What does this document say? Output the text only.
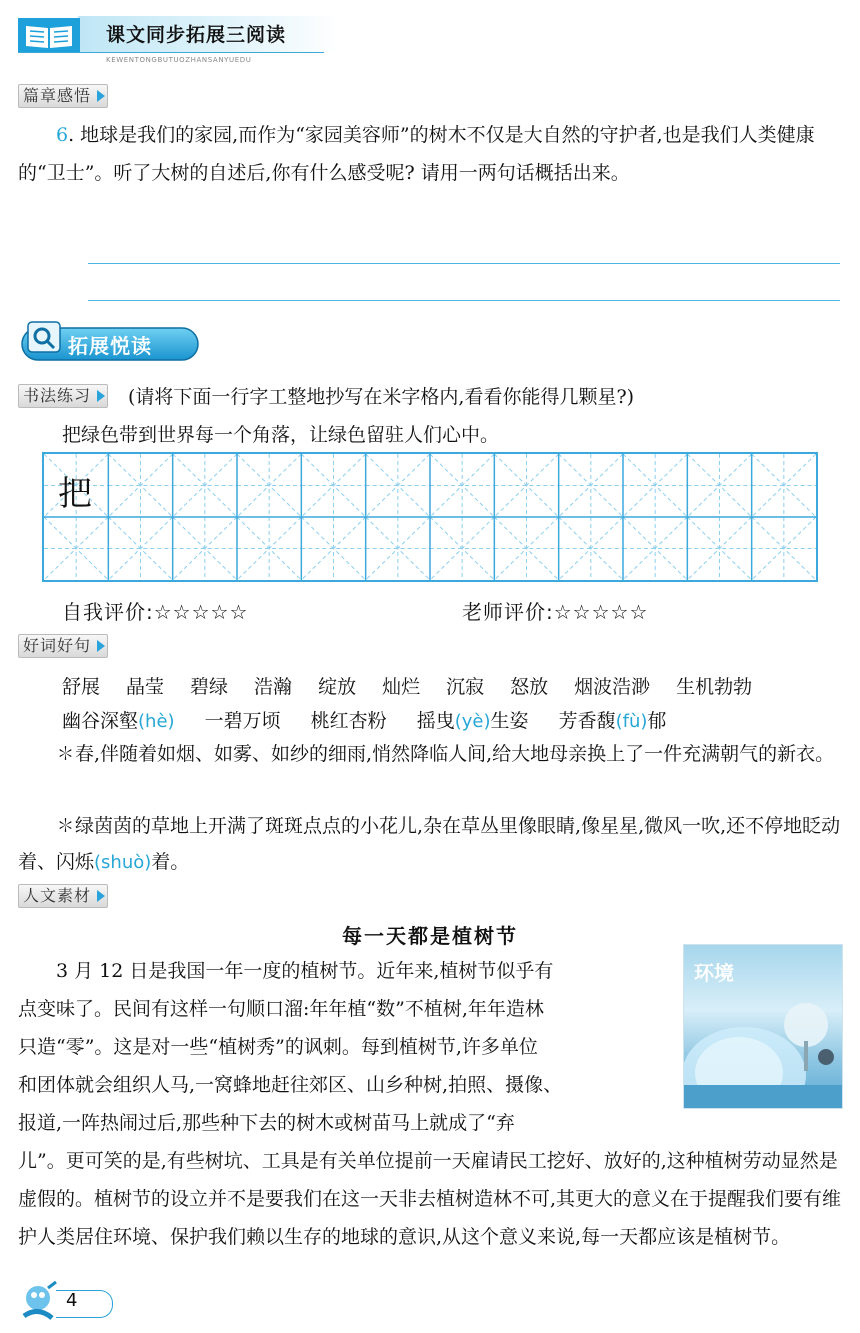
课文同步拓展三阅读
KEWENTONGBUTUOZHANSANYUEDU
篇章感悟
6. 地球是我们的家园,而作为“家园美容师”的树木不仅是大自然的守护者,也是我们人类健康的“卫士”。听了大树的自述后,你有什么感受呢? 请用一两句话概括出来。
拓展悦读
书法练习	(请将下面一行字工整地抄写在米字格内,看看你能得几颗星?)
把绿色带到世界每一个角落，让绿色留驻人们心中。
把
自我评价:☆☆☆☆☆	老师评价:☆☆☆☆☆
好词好句
舒展 晶莹 碧绿 浩瀚 绽放 灿烂 沉寂 怒放 烟波浩渺 生机勃勃
幽谷深壑(hè) 一碧万顷 桃红杏粉 摇曳(yè)生姿 芳香馥(fù)郁
✽春,伴随着如烟、如雾、如纱的细雨,悄然降临人间,给大地母亲换上了一件充满朝气的新衣。
✽绿茵茵的草地上开满了斑斑点点的小花儿,杂在草丛里像眼睛,像星星,微风一吹,还不停地眨动着、闪烁(shuò)着。
人文素材
每一天都是植树节
3 月 12 日是我国一年一度的植树节。近年来,植树节似乎有
点变味了。民间有这样一句顺口溜:年年植“数”不植树,年年造林
只造“零”。这是对一些“植树秀”的讽刺。每到植树节,许多单位
和团体就会组织人马,一窝蜂地赶往郊区、山乡种树,拍照、摄像、
报道,一阵热闹过后,那些种下去的树木或树苗马上就成了“弃
儿”。更可笑的是,有些树坑、工具是有关单位提前一天雇请民工挖好、放好的,这种植树劳动显然是虚假的。植树节的设立并不是要我们在这一天非去植树造林不可,其更大的意义在于提醒我们要有维护人类居住环境、保护我们赖以生存的地球的意识,从这个意义来说,每一天都应该是植树节。
环境
4
